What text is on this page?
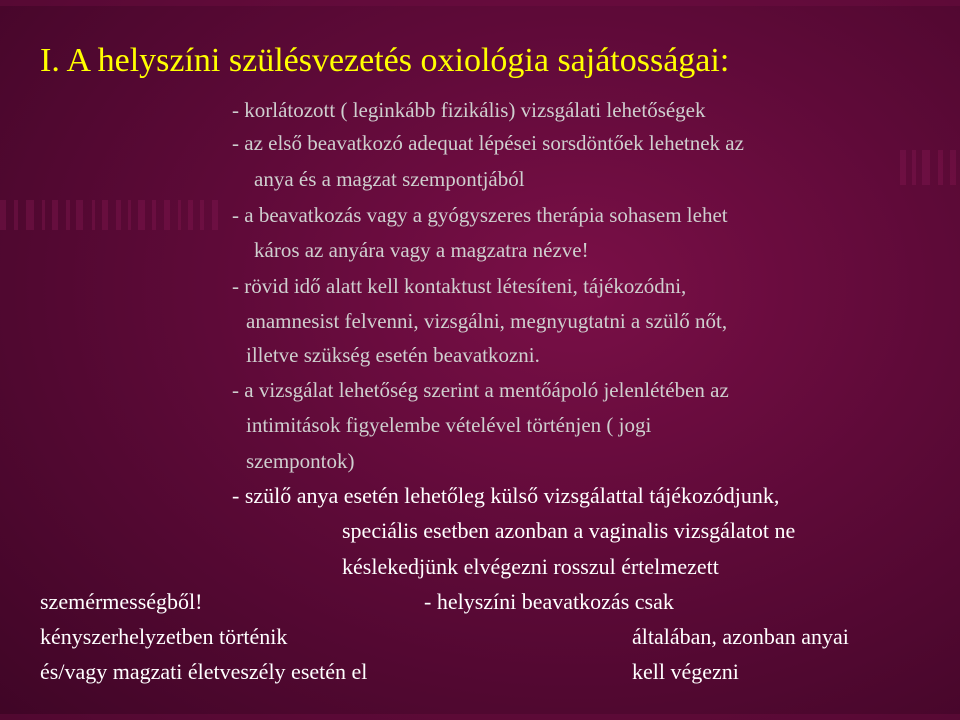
I. A helyszíni szülésvezetés oxiológia sajátosságai:
- korlátozott ( leginkább fizikális) vizsgálati lehetőségek
- az első beavatkozó adequat lépései sorsdöntőek lehetnek az
anya és a magzat szempontjából
- a beavatkozás vagy a gyógyszeres therápia sohasem lehet
káros az anyára vagy a magzatra nézve!
- rövid idő alatt kell kontaktust létesíteni, tájékozódni,
anamnesist felvenni, vizsgálni, megnyugtatni a szülő nőt,
illetve szükség esetén beavatkozni.
- a vizsgálat lehetőség szerint a mentőápoló jelenlétében az
intimitások figyelembe vételével történjen ( jogi
szempontok)
- szülő anya esetén lehetőleg külső vizsgálattal tájékozódjunk,
speciális esetben azonban a vaginalis vizsgálatot ne
késlekedjünk elvégezni rosszul értelmezett
szemérmességből!	- helyszíni beavatkozás csak
kényszerhelyzetben történik	általában, azonban anyai
és/vagy magzati életveszély esetén el	kell végezni
